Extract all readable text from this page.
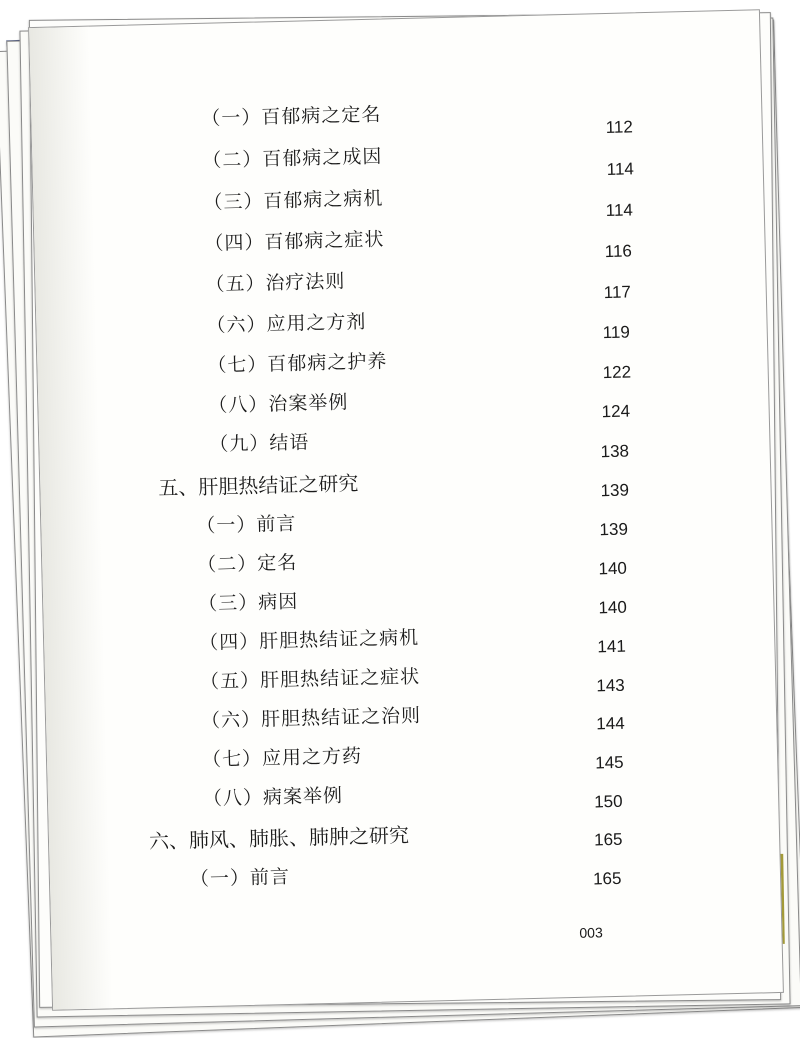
（一）百郁病之定名
（二）百郁病之成因
（三）百郁病之病机
（四）百郁病之症状
（五）治疗法则
（六）应用之方剂
（七）百郁病之护养
（八）治案举例
（九）结语
五、肝胆热结证之研究
（一）前言
（二）定名
（三）病因
（四）肝胆热结证之病机
（五）肝胆热结证之症状
（六）肝胆热结证之治则
（七）应用之方药
（八）病案举例
六、肺风、肺胀、肺肿之研究
（一）前言
112
114
114
116
117
119
122
124
138
139
139
140
140
141
143
144
145
150
165
165
003
